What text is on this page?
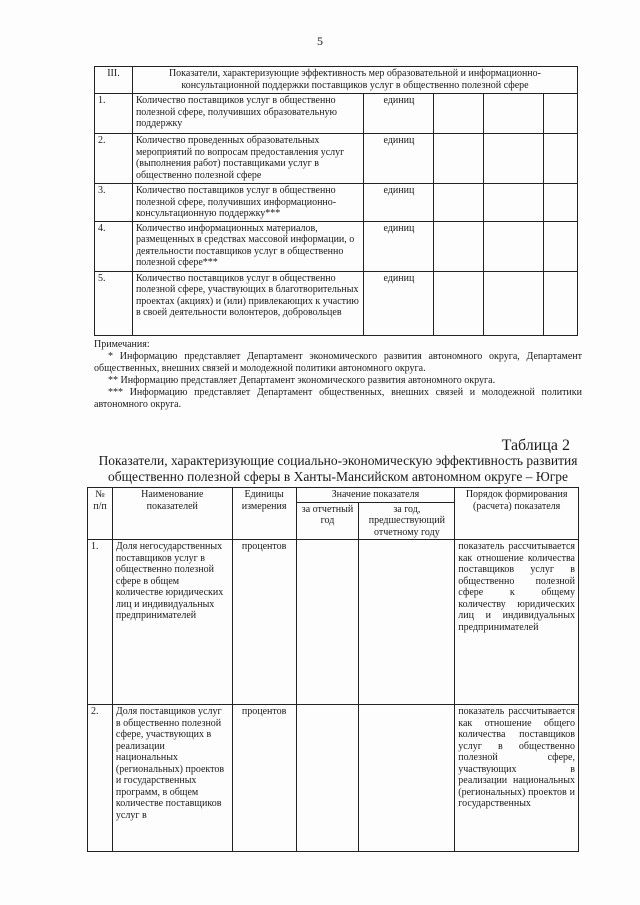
5
III.	Показатели, характеризующие эффективность мер образовательной и информационно-консультационной поддержки поставщиков услуг в общественно полезной сфере				
1.	Количество поставщиков услуг в общественно полезной сфере, получивших образовательную поддержку	единиц			
2.	Количество проведенных образовательных мероприятий по вопросам предоставления услуг (выполнения работ) поставщиками услуг в общественно полезной сфере	единиц			
3.	Количество поставщиков услуг в общественно полезной сфере, получивших информационно-консультационную поддержку***	единиц			
4.	Количество информационных материалов, размещенных в средствах массовой информации, о деятельности поставщиков услуг в общественно полезной сфере***	единиц			
5.	Количество поставщиков услуг в общественно полезной сфере, участвующих в благотворительных проектах (акциях) и (или) привлекающих к участию в своей деятельности волонтеров, добровольцев	единиц			

Примечания:

* Информацию представляет Департамент экономического развития автономного округа, Департамент общественных, внешних связей и молодежной политики автономного округа.

** Информацию представляет Департамент экономического развития автономного округа.

*** Информацию представляет Департамент общественных, внешних связей и молодежной политики автономного округа.

Таблица 2
Показатели, характеризующие социально-экономическую эффективность развития общественно полезной сферы в Ханты-Мансийском автономном округе – Югре
№ п/п	Наименование показателей	Единицы измерения	Значение показателя		Порядок формирования (расчета) показателя
			за отчетный год	за год, предшествующий отчетному году	
1.	Доля негосударственных поставщиков услуг в общественно полезной сфере в общем количестве юридических лиц и индивидуальных предпринимателей	процентов			показатель рассчитывается как отношение количества поставщиков услуг в общественно полезной сфере к общему количеству юридических лиц и индивидуальных предпринимателей
2.	Доля поставщиков услуг в общественно полезной сфере, участвующих в реализации национальных (региональных) проектов и государственных программ, в общем количестве поставщиков услуг в	процентов			показатель рассчитывается как отношение общего количества поставщиков услуг в общественно полезной сфере, участвующих в реализации национальных (региональных) проектов и государственных
